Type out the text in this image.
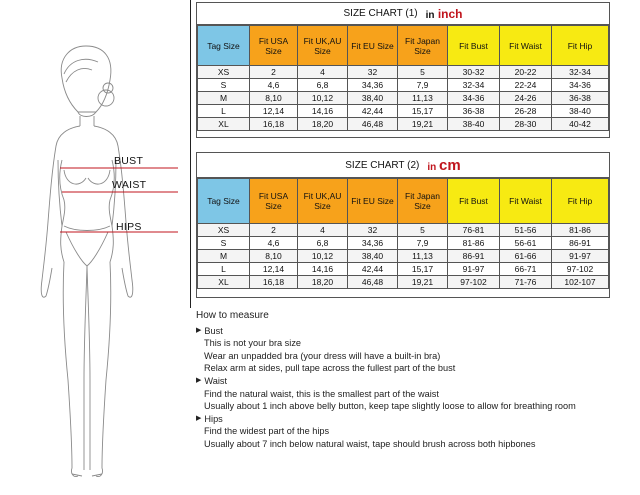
BUST
WAIST
HIPS
SIZE CHART (1) in inch
Tag Size	Fit USA Size	Fit UK,AU Size	Fit EU Size	Fit Japan Size	Fit Bust	Fit Waist	Fit Hip
XS	2	4	32	5	30-32	20-22	32-34
S	4,6	6,8	34,36	7,9	32-34	22-24	34-36
M	8,10	10,12	38,40	11,13	34-36	24-26	36-38
L	12,14	14,16	42,44	15,17	36-38	26-28	38-40
XL	16,18	18,20	46,48	19,21	38-40	28-30	40-42
SIZE CHART (2) in cm
Tag Size	Fit USA Size	Fit UK,AU Size	Fit EU Size	Fit Japan Size	Fit Bust	Fit Waist	Fit Hip
XS	2	4	32	5	76-81	51-56	81-86
S	4,6	6,8	34,36	7,9	81-86	56-61	86-91
M	8,10	10,12	38,40	11,13	86-91	61-66	91-97
L	12,14	14,16	42,44	15,17	91-97	66-71	97-102
XL	16,18	18,20	46,48	19,21	97-102	71-76	102-107
How to measure
▶ Bust
This is not your bra size
Wear an unpadded bra (your dress will have a built-in bra)
Relax arm at sides, pull tape across the fullest part of the bust
▶ Waist
Find the natural waist, this is the smallest part of the waist
Usually about 1 inch above belly button, keep tape slightly loose to allow for breathing room
▶ Hips
Find the widest part of the hips
Usually about 7 inch below natural waist, tape should brush across both hipbones
